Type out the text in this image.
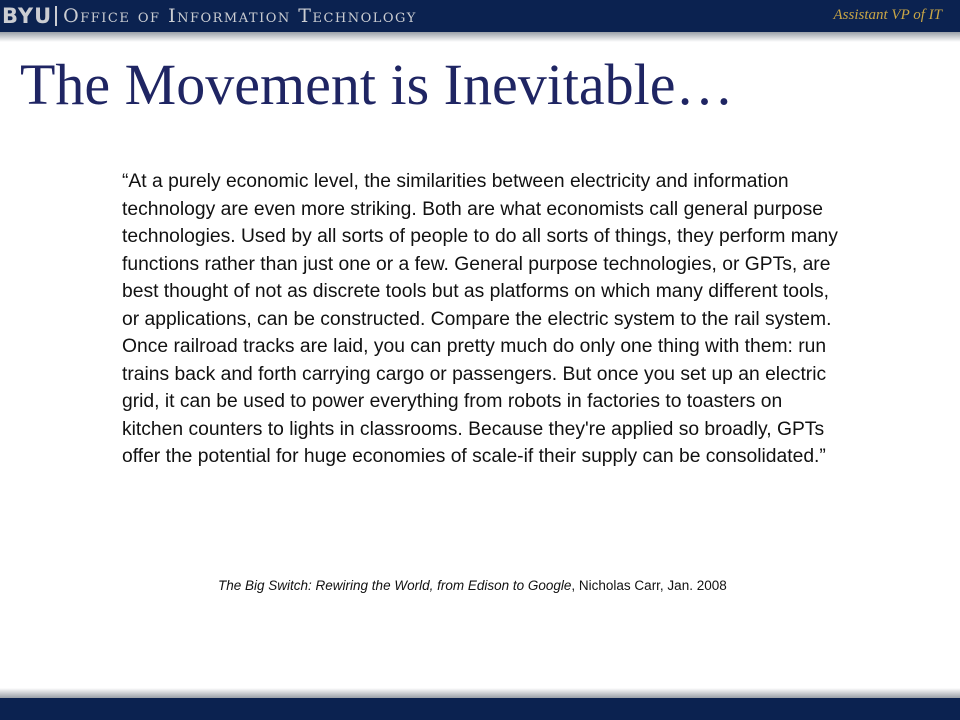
BYU Office of Information Technology	Assistant VP of IT
The Movement is Inevitable…

“At a purely economic level, the similarities between electricity and information technology are even more striking. Both are what economists call general purpose technologies. Used by all sorts of people to do all sorts of things, they perform many functions rather than just one or a few. General purpose technologies, or GPTs, are best thought of not as discrete tools but as platforms on which many different tools, or applications, can be constructed. Compare the electric system to the rail system. Once railroad tracks are laid, you can pretty much do only one thing with them: run trains back and forth carrying cargo or passengers. But once you set up an electric grid, it can be used to power everything from robots in factories to toasters on kitchen counters to lights in classrooms. Because they're applied so broadly, GPTs offer the potential for huge economies of scale-if their supply can be consolidated.”

The Big Switch: Rewiring the World, from Edison to Google, Nicholas Carr, Jan. 2008
